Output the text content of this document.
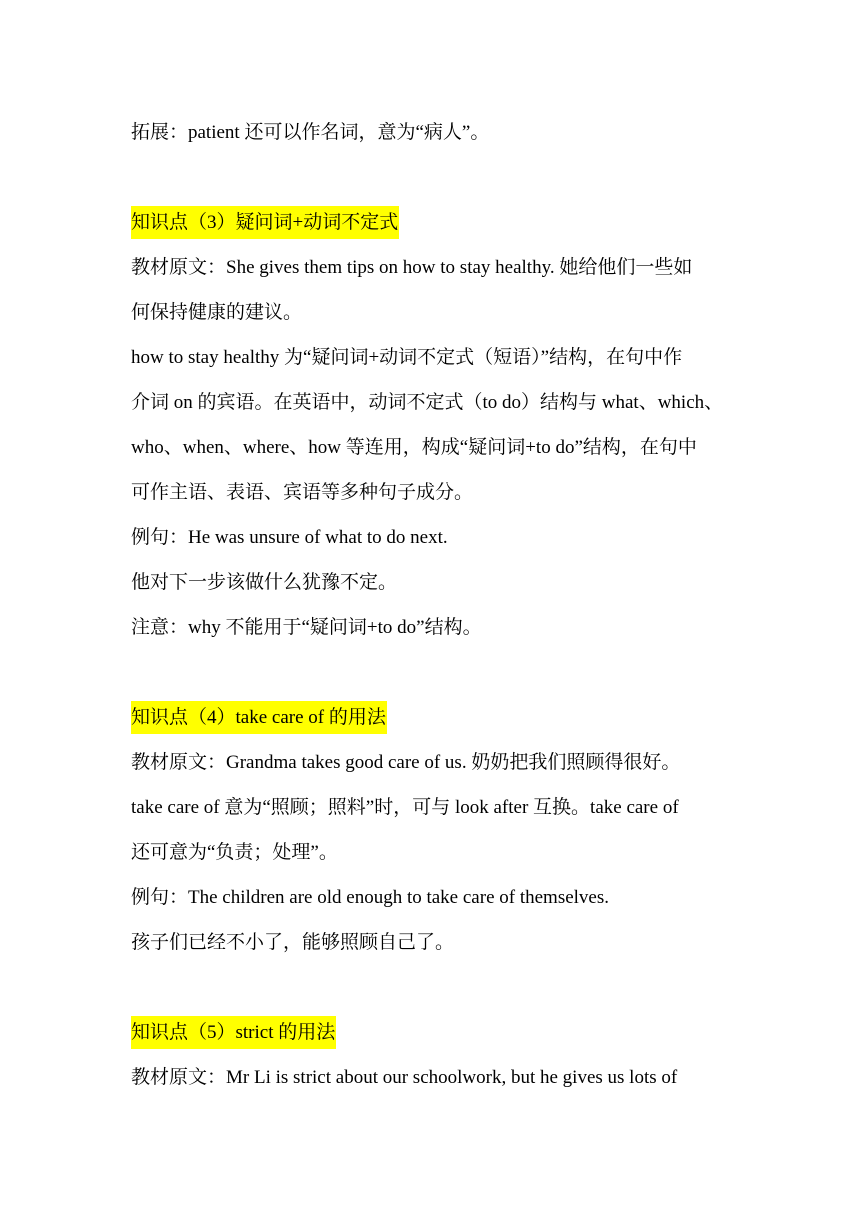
拓展：patient 还可以作名词，意为“病人”。

知识点（3）疑问词+动词不定式

教材原文：She gives them tips on how to stay healthy. 她给他们一些如

何保持健康的建议。

how to stay healthy 为“疑问词+动词不定式（短语）”结构，在句中作

介词 on 的宾语。在英语中，动词不定式（to do）结构与 what、which、

who、when、where、how 等连用，构成“疑问词+to do”结构，在句中

可作主语、表语、宾语等多种句子成分。

例句：He was unsure of what to do next.

他对下一步该做什么犹豫不定。

注意：why 不能用于“疑问词+to do”结构。

知识点（4）take care of 的用法

教材原文：Grandma takes good care of us. 奶奶把我们照顾得很好。

take care of 意为“照顾；照料”时，可与 look after 互换。take care of

还可意为“负责；处理”。

例句：The children are old enough to take care of themselves.

孩子们已经不小了，能够照顾自己了。

知识点（5）strict 的用法

教材原文：Mr Li is strict about our schoolwork, but he gives us lots of
